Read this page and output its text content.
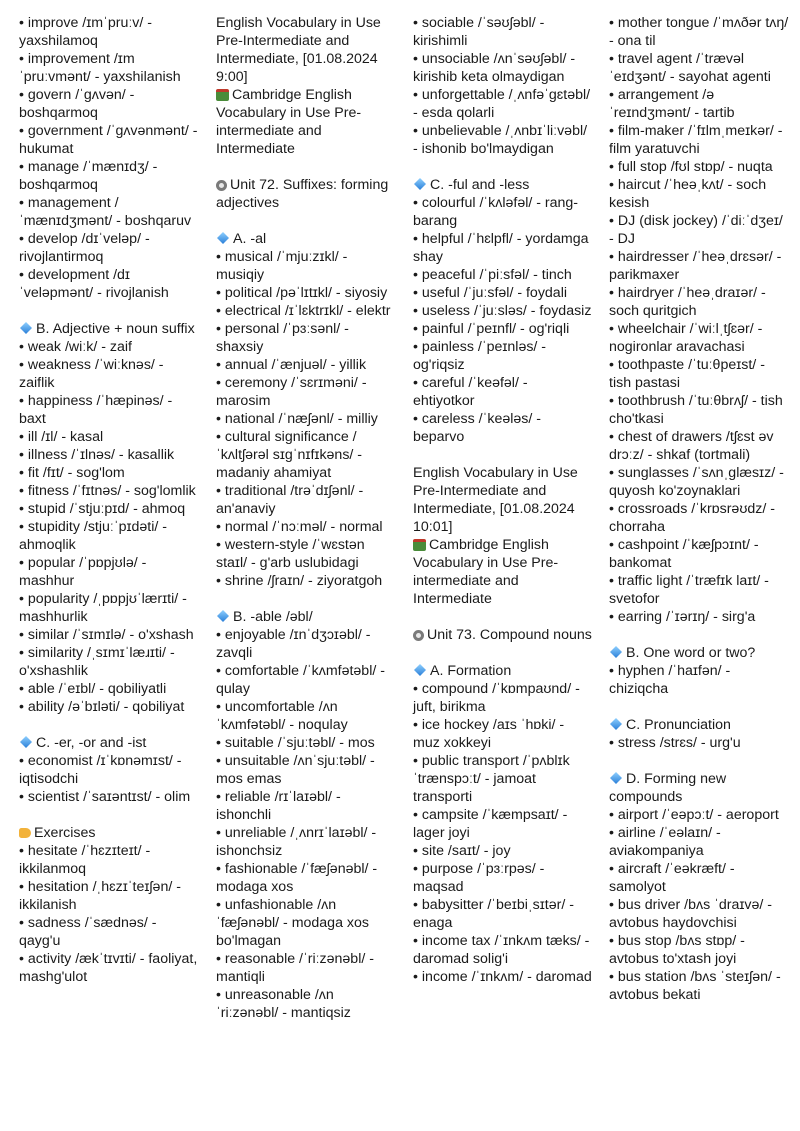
• improve /ɪmˈpruːv/ - yaxshilamoq
• improvement /ɪmˈpruːvmənt/ - yaxshilanish
• govern /ˈɡʌvən/ - boshqarmoq
• government /ˈɡʌvənmənt/ - hukumat
• manage /ˈmænɪdʒ/ - boshqarmoq
• management /ˈmænɪdʒmənt/ - boshqaruv
• develop /dɪˈveləp/ - rivojlantirmoq
• development /dɪˈveləpmənt/ - rivojlanish
B. Adjective + noun suffix
• weak /wiːk/ - zaif
• weakness /ˈwiːknəs/ - zaiflik
• happiness /ˈhæpinəs/ - baxt
• ill /ɪl/ - kasal
• illness /ˈɪlnəs/ - kasallik
• fit /fɪt/ - sog'lom
• fitness /ˈfɪtnəs/ - sog'lomlik
• stupid /ˈstjuːpɪd/ - ahmoq
• stupidity /stjuːˈpɪdəti/ - ahmoqlik
• popular /ˈpɒpjʊlə/ - mashhur
• popularity /ˌpɒpjʊˈlærɪti/ - mashhurlik
• similar /ˈsɪmɪlə/ - o'xshash
• similarity /ˌsɪmɪˈlæɹɪti/ - o'xshashlik
• able /ˈeɪbl/ - qobiliyatli
• ability /əˈbɪləti/ - qobiliyat
C. -er, -or and -ist
• economist /ɪˈkɒnəmɪst/ - iqtisodchi
• scientist /ˈsaɪəntɪst/ - olim
Exercises
• hesitate /ˈhɛzɪteɪt/ - ikkilanmoq
• hesitation /ˌhɛzɪˈteɪʃən/ - ikkilanish
• sadness /ˈsædnəs/ - qayg'u
• activity /ækˈtɪvɪti/ - faoliyat, mashg'ulot
English Vocabulary in Use Pre-Intermediate and Intermediate, [01.08.2024 9:00]
Cambridge English Vocabulary in Use Pre-intermediate and Intermediate
Unit 72. Suffixes: forming adjectives
A. -al
• musical /ˈmjuːzɪkl/ - musiqiy
• political /pəˈlɪtɪkl/ - siyosiy
• electrical /ɪˈlɛktrɪkl/ - elektr
• personal /ˈpɜːsənl/ - shaxsiy
• annual /ˈænjuəl/ - yillik
• ceremony /ˈsɛrɪməni/ - marosim
• national /ˈnæʃənl/ - milliy
• cultural significance /ˈkʌltʃərəl sɪɡˈnɪfɪkəns/ - madaniy ahamiyat
• traditional /trəˈdɪʃənl/ - an'anaviy
• normal /ˈnɔːməl/ - normal
• western-style /ˈwɛstən staɪl/ - g'arb uslubidagi
• shrine /ʃraɪn/ - ziyoratgoh
B. -able /əbl/
• enjoyable /ɪnˈdʒɔɪəbl/ - zavqli
• comfortable /ˈkʌmfətəbl/ - qulay
• uncomfortable /ʌnˈkʌmfətəbl/ - noqulay
• suitable /ˈsjuːtəbl/ - mos
• unsuitable /ʌnˈsjuːtəbl/ - mos emas
• reliable /rɪˈlaɪəbl/ - ishonchli
• unreliable /ˌʌnrɪˈlaɪəbl/ - ishonchsiz
• fashionable /ˈfæʃənəbl/ - modaga xos
• unfashionable /ʌnˈfæʃənəbl/ - modaga xos bo'lmagan
• reasonable /ˈriːzənəbl/ - mantiqli
• unreasonable /ʌnˈriːzənəbl/ - mantiqsiz
• sociable /ˈsəʊʃəbl/ - kirishimli
• unsociable /ʌnˈsəʊʃəbl/ - kirishib keta olmaydigan
• unforgettable /ˌʌnfəˈɡɛtəbl/ - esda qolarli
• unbelievable /ˌʌnbɪˈliːvəbl/ - ishonib bo'lmaydigan
C. -ful and -less
• colourful /ˈkʌləfəl/ - rang-barang
• helpful /ˈhɛlpfl/ - yordamga shay
• peaceful /ˈpiːsfəl/ - tinch
• useful /ˈjuːsfəl/ - foydali
• useless /ˈjuːsləs/ - foydasiz
• painful /ˈpeɪnfl/ - og'riqli
• painless /ˈpeɪnləs/ - og'riqsiz
• careful /ˈkeəfəl/ - ehtiyotkor
• careless /ˈkeələs/ - beparvo
English Vocabulary in Use Pre-Intermediate and Intermediate, [01.08.2024 10:01]
Cambridge English Vocabulary in Use Pre-intermediate and Intermediate
Unit 73. Compound nouns
A. Formation
• compound /ˈkɒmpaʊnd/ - juft, birikma
• ice hockey /aɪs ˈhɒki/ - muz xokkeyi
• public transport /ˈpʌblɪk ˈtrænspɔːt/ - jamoat transporti
• campsite /ˈkæmpsaɪt/ - lager joyi
• site /saɪt/ - joy
• purpose /ˈpɜːrpəs/ - maqsad
• babysitter /ˈbeɪbiˌsɪtər/ - enaga
• income tax /ˈɪnkʌm tæks/ - daromad solig'i
• income /ˈɪnkʌm/ - daromad
• mother tongue /ˈmʌðər tʌŋ/ - ona til
• travel agent /ˈtrævəl ˈeɪdʒənt/ - sayohat agenti
• arrangement /əˈreɪndʒmənt/ - tartib
• film-maker /ˈfɪlmˌmeɪkər/ - film yaratuvchi
• full stop /fʊl stɒp/ - nuqta
• haircut /ˈheəˌkʌt/ - soch kesish
• DJ (disk jockey) /ˈdiːˈdʒeɪ/ - DJ
• hairdresser /ˈheəˌdrɛsər/ - parikmaxer
• hairdryer /ˈheəˌdraɪər/ - soch quritgich
• wheelchair /ˈwiːlˌtʃɛər/ - nogironlar aravachasi
• toothpaste /ˈtuːθpeɪst/ - tish pastasi
• toothbrush /ˈtuːθbrʌʃ/ - tish cho'tkasi
• chest of drawers /tʃɛst əv drɔːz/ - shkaf (tortmali)
• sunglasses /ˈsʌnˌɡlæsɪz/ - quyosh ko'zoynaklari
• crossroads /ˈkrɒsrəʊdz/ - chorraha
• cashpoint /ˈkæʃpɔɪnt/ - bankomat
• traffic light /ˈtræfɪk laɪt/ - svetofor
• earring /ˈɪərɪŋ/ - sirg'a
B. One word or two?
• hyphen /ˈhaɪfən/ - chiziqcha
C. Pronunciation
• stress /strɛs/ - urg'u
D. Forming new compounds
• airport /ˈeəpɔːt/ - aeroport
• airline /ˈeəlaɪn/ - aviakompaniya
• aircraft /ˈeəkræft/ - samolyot
• bus driver /bʌs ˈdraɪvə/ - avtobus haydovchisi
• bus stop /bʌs stɒp/ - avtobus to'xtash joyi
• bus station /bʌs ˈsteɪʃən/ - avtobus bekati
